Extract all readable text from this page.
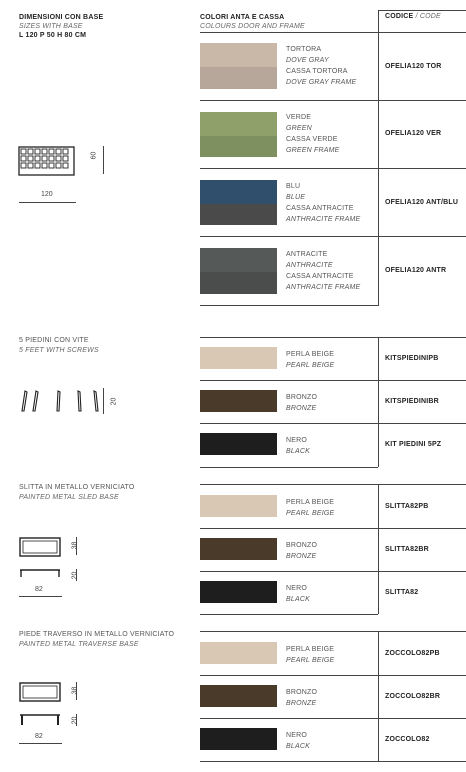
DIMENSIONI CON BASE
SIZES WITH BASE
L 120 P 50 H 80 CM
COLORI ANTA E CASSA
COLOURS DOOR AND FRAME
CODICE / CODE
60
120
TORTORA
DOVE GRAY
CASSA TORTORA
DOVE GRAY FRAME
OFELIA120 TOR
VERDE
GREEN
CASSA VERDE
GREEN FRAME
OFELIA120 VER
BLU
BLUE
CASSA ANTRACITE
ANTHRACITE FRAME
OFELIA120 ANT/BLU
ANTRACITE
ANTHRACITE
CASSA ANTRACITE
ANTHRACITE FRAME
OFELIA120 ANTR
5 PIEDINI CON VITE
5 FEET WITH SCREWS
20
PERLA BEIGE
PEARL BEIGE
KITSPIEDINIPB
BRONZO
BRONZE
KITSPIEDINIBR
NERO
BLACK
KIT PIEDINI 5PZ
SLITTA IN METALLO VERNICIATO
PAINTED METAL SLED BASE
38
20
82
PERLA BEIGE
PEARL BEIGE
SLITTA82PB
BRONZO
BRONZE
SLITTA82BR
NERO
BLACK
SLITTA82
PIEDE TRAVERSO IN METALLO VERNICIATO
PAINTED METAL TRAVERSE BASE
38
20
82
PERLA BEIGE
PEARL BEIGE
ZOCCOLO82PB
BRONZO
BRONZE
ZOCCOLO82BR
NERO
BLACK
ZOCCOLO82
